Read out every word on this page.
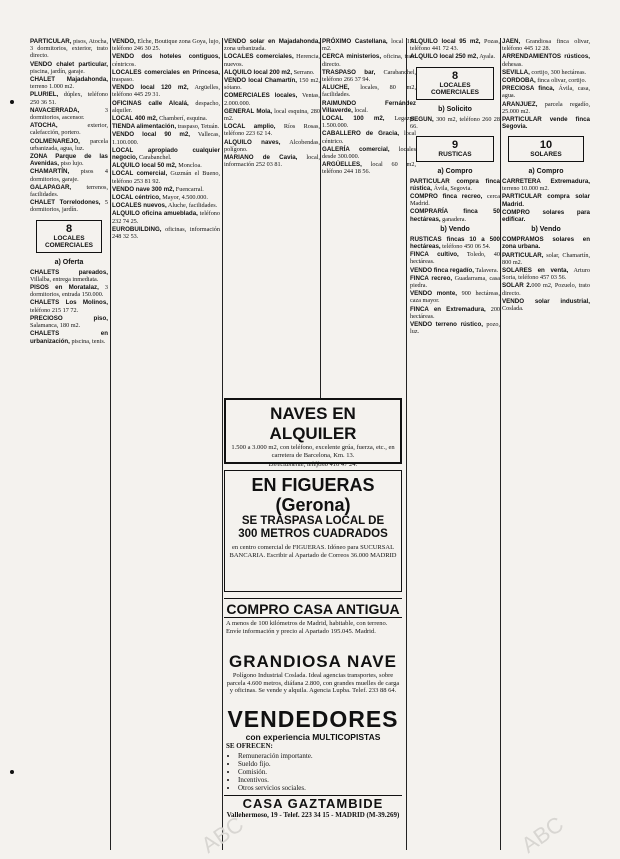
PARTICULAR, pisos, Atocha, 3 dormitorios, exterior, trato directo.

VENDO chalet particular, piscina, jardín, garaje.

CHALET Majadahonda, terreno 1.000 m2.

PLURIEL, dúplex, teléfono 250 36 51.

NAVACERRADA, 3 dormitorios, ascensor.

ATOCHA, exterior, calefacción, portero.

COLMENAREJO, parcela urbanizada, agua, luz.

ZONA Parque de las Avenidas, piso lujo.

CHAMARTÍN, pisos 4 dormitorios, garaje.

GALAPAGAR, terrenos, facilidades.

CHALET Torrelodones, 5 dormitorios, jardín.

8
LOCALES COMERCIALES
a) Oferta

CHALETS pareados, Villalba, entrega inmediata.

PISOS en Moratalaz, 3 dormitorios, entrada 150.000.

CHALETS Los Molinos, teléfono 215 17 72.

PRECIOSO piso, Salamanca, 180 m2.

CHALETS en urbanización, piscina, tenis.

VENDO, Elche, Boutique zona Goya, lujo, teléfono 246 30 25.

VENDO dos hoteles contiguos, céntricos.

LOCALES comerciales en Princesa, traspaso.

VENDO local 120 m2, Argüelles, teléfono 445 29 31.

OFICINAS calle Alcalá, despacho, alquiler.

LOCAL 400 m2, Chamberí, esquina.

TIENDA alimentación, traspaso, Tetuán.

VENDO local 90 m2, Vallecas, 1.100.000.

LOCAL apropiado cualquier negocio, Carabanchel.

ALQUILO local 50 m2, Moncloa.

LOCAL comercial, Guzmán el Bueno, teléfono 253 81 92.

VENDO nave 300 m2, Fuencarral.

LOCAL céntrico, Mayor, 4.500.000.

LOCALES nuevos, Aluche, facilidades.

ALQUILO oficina amueblada, teléfono 232 74 25.

EUROBUILDING, oficinas, información 248 32 53.

VENDO solar en Majadahonda, zona urbanizada.

LOCALES comerciales, Herencia, nuevos.

ALQUILO local 200 m2, Serrano.

VENDO local Chamartín, 150 m2, sótano.

COMERCIALES locales, Ventas, 2.000.000.

GENERAL Mola, local esquina, 280 m2.

LOCAL amplio, Ríos Rosas, teléfono 223 62 14.

ALQUILO naves, Alcobendas, polígono.

MARIANO de Cavia, local, información 252 03 81.

PRÓXIMO Castellana, local 150 m2.

CERCA ministerios, oficina, trato directo.

TRASPASO bar, Carabanchel, teléfono 266 37 94.

ALUCHE, locales, 80 m2, facilidades.

RAIMUNDO Fernández Villaverde, local.

LOCAL 100 m2, Legazpi, 1.500.000.

CABALLERO de Gracia, local céntrico.

GALERÍA comercial, locales desde 300.000.

ARGÜELLES, local 60 m2, teléfono 244 18 56.

ALQUILO local 95 m2, Pozas, teléfono 441 72 43.

ALQUILO local 250 m2, Ayala.

8
LOCALES COMERCIALES
b) Solicito

SEGUN, 300 m2, teléfono 260 28 66.

9
RUSTICAS
a) Compro

PARTICULAR compra finca rústica, Ávila, Segovia.

COMPRO finca recreo, cerca Madrid.

COMPRARÍA finca 50 hectáreas, ganadera.

b) Vendo

RUSTICAS fincas 10 a 500 hectáreas, teléfono 450 06 54.

FINCA cultivo, Toledo, 40 hectáreas.

VENDO finca regadío, Talavera.

FINCA recreo, Guadarrama, casa piedra.

VENDO monte, 900 hectáreas, caza mayor.

FINCA en Extremadura, 200 hectáreas.

VENDO terreno rústico, pozo, luz.

JAEN, Grandiosa finca olivar, teléfono 445 12 28.

ARRENDAMIENTOS rústicos, dehesas.

SEVILLA, cortijo, 300 hectáreas.

CORDOBA, finca olivar, cortijo.

PRECIOSA finca, Ávila, casa, agua.

ARANJUEZ, parcela regadío, 25.000 m2.

PARTICULAR vende finca Segovia.

10
SOLARES
a) Compro

CARRETERA Extremadura, terreno 10.000 m2.

PARTICULAR compra solar Madrid.

COMPRO solares para edificar.

b) Vendo

COMPRAMOS solares en zona urbana.

PARTICULAR, solar, Chamartín, 800 m2.

SOLARES en venta, Arturo Soria, teléfono 457 03 56.

SOLAR 2.000 m2, Pozuelo, trato directo.

VENDO solar industrial, Coslada.

NAVES EN ALQUILER
1.500 a 3.000 m2, con teléfono, excelente grúa, fuerza, etc., en carretera de Barcelona, Km. 13.
Directamente, teléfono 416 47 24.
EN FIGUERAS (Gerona)
SE TRASPASA LOCAL DE
300 METROS CUADRADOS
en centro comercial de FIGUERAS. Idóneo para SUCURSAL BANCARIA. Escribir al Apartado de Correos 36.000 MADRID
COMPRO CASA ANTIGUA
A menos de 100 kilómetros de Madrid, habitable, con terreno. Envíe información y precio al Apartado 195.045. Madrid.
GRANDIOSA NAVE
Polígono Industrial Coslada. Ideal agencias transportes, sobre parcela 4.600 metros, diáfana 2.800, con grandes muelles de carga y oficinas. Se vende y alquila. Agencia Lupba. Telef. 233 88 64.
VENDEDORES
con experiencia MULTICOPISTAS
SE OFRECEN:
• Remuneración importante.
• Sueldo fijo.
• Comisión.
• Incentivos.
• Otros servicios sociales.
CASA GAZTAMBIDE
Vallehermoso, 19 - Telef. 223 34 15 - MADRID (M-39.269)
ABC	ABC
